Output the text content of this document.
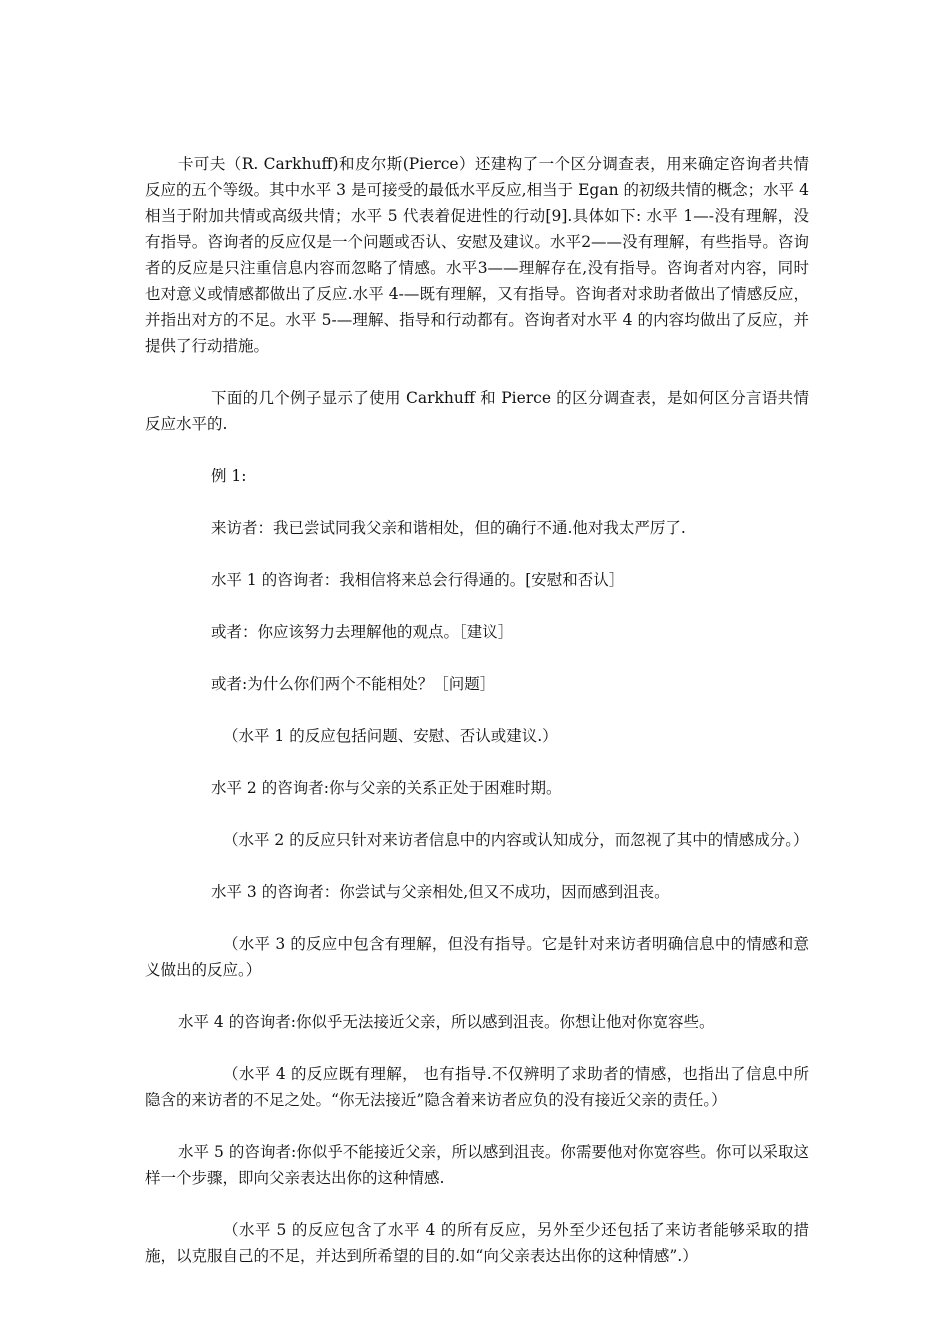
卡可夫（R. Carkhuff)和皮尔斯(Pierce）还建构了一个区分调查表，用来确定咨询者共情反应的五个等级。其中水平 3 是可接受的最低水平反应,相当于 Egan 的初级共情的概念；水平 4 相当于附加共情或高级共情；水平 5 代表着促进性的行动[9].具体如下: 水平 1—-没有理解，没有指导。咨询者的反应仅是一个问题或否认、安慰及建议。水平2——没有理解，有些指导。咨询者的反应是只注重信息内容而忽略了情感。水平3——理解存在,没有指导。咨询者对内容，同时也对意义或情感都做出了反应.水平 4-—既有理解，又有指导。咨询者对求助者做出了情感反应，并指出对方的不足。水平 5-—理解、指导和行动都有。咨询者对水平 4 的内容均做出了反应，并提供了行动措施。

下面的几个例子显示了使用 Carkhuff 和 Pierce 的区分调查表，是如何区分言语共情反应水平的.

例 1:

来访者：我已尝试同我父亲和谐相处，但的确行不通.他对我太严厉了.

水平 1 的咨询者：我相信将来总会行得通的。[安慰和否认］

或者：你应该努力去理解他的观点。［建议］

或者:为什么你们两个不能相处？［问题］

（水平 1 的反应包括问题、安慰、否认或建议.）

水平 2 的咨询者:你与父亲的关系正处于困难时期。

（水平 2 的反应只针对来访者信息中的内容或认知成分，而忽视了其中的情感成分。）

水平 3 的咨询者：你尝试与父亲相处,但又不成功，因而感到沮丧。

（水平 3 的反应中包含有理解，但没有指导。它是针对来访者明确信息中的情感和意义做出的反应。）

水平 4 的咨询者:你似乎无法接近父亲，所以感到沮丧。你想让他对你宽容些。

（水平 4 的反应既有理解， 也有指导.不仅辨明了求助者的情感，也指出了信息中所隐含的来访者的不足之处。“你无法接近”隐含着来访者应负的没有接近父亲的责任。）

水平 5 的咨询者:你似乎不能接近父亲，所以感到沮丧。你需要他对你宽容些。你可以采取这样一个步骤，即向父亲表达出你的这种情感.

（水平 5 的反应包含了水平 4 的所有反应，另外至少还包括了来访者能够采取的措施，以克服自己的不足，并达到所希望的目的.如“向父亲表达出你的这种情感”.）
